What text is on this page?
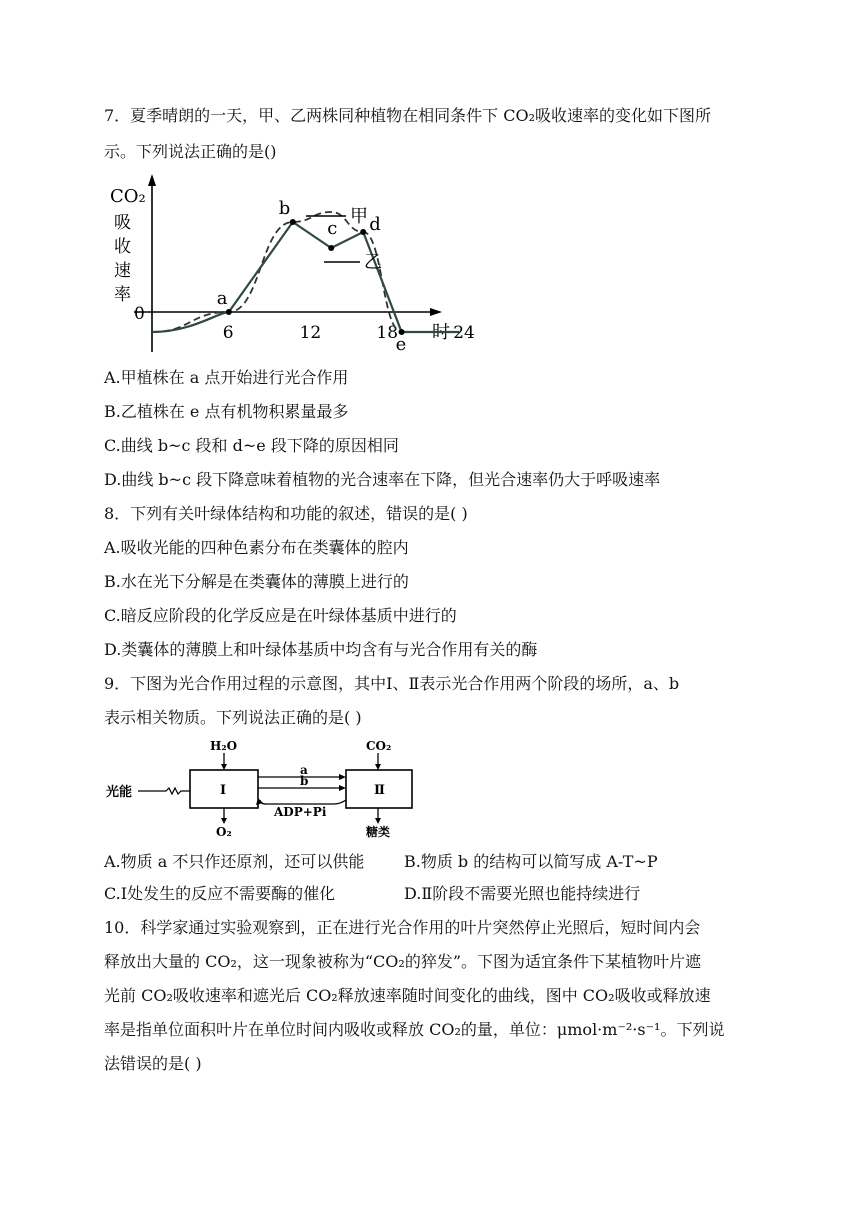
7．夏季晴朗的一天，甲、乙两株同种植物在相同条件下 CO₂吸收速率的变化如下图所
示。下列说法正确的是()
CO₂
吸
收
速
率
0
时
6	12	18	24
a
b
c d
e
甲
乙
A.甲植株在 a 点开始进行光合作用
B.乙植株在 e 点有机物积累量最多
C.曲线 b~c 段和 d~e 段下降的原因相同
D.曲线 b~c 段下降意味着植物的光合速率在下降，但光合速率仍大于呼吸速率
8．下列有关叶绿体结构和功能的叙述，错误的是( )
A.吸收光能的四种色素分布在类囊体的腔内
B.水在光下分解是在类囊体的薄膜上进行的
C.暗反应阶段的化学反应是在叶绿体基质中进行的
D.类囊体的薄膜上和叶绿体基质中均含有与光合作用有关的酶
9．下图为光合作用过程的示意图，其中Ⅰ、Ⅱ表示光合作用两个阶段的场所，a、b
表示相关物质。下列说法正确的是( )
光能	Ⅰ	Ⅱ
H₂O
O₂
CO₂
糖类
a
b
ADP+Pi
A.物质 a 不只作还原剂，还可以供能 B.物质 b 的结构可以简写成 A-T~P
C.Ⅰ处发生的反应不需要酶的催化	D.Ⅱ阶段不需要光照也能持续进行
10．科学家通过实验观察到，正在进行光合作用的叶片突然停止光照后，短时间内会
释放出大量的 CO₂，这一现象被称为“CO₂的猝发”。下图为适宜条件下某植物叶片遮
光前 CO₂吸收速率和遮光后 CO₂释放速率随时间变化的曲线，图中 CO₂吸收或释放速
率是指单位面积叶片在单位时间内吸收或释放 CO₂的量，单位：μmol·m⁻²·s⁻¹。下列说
法错误的是( )
